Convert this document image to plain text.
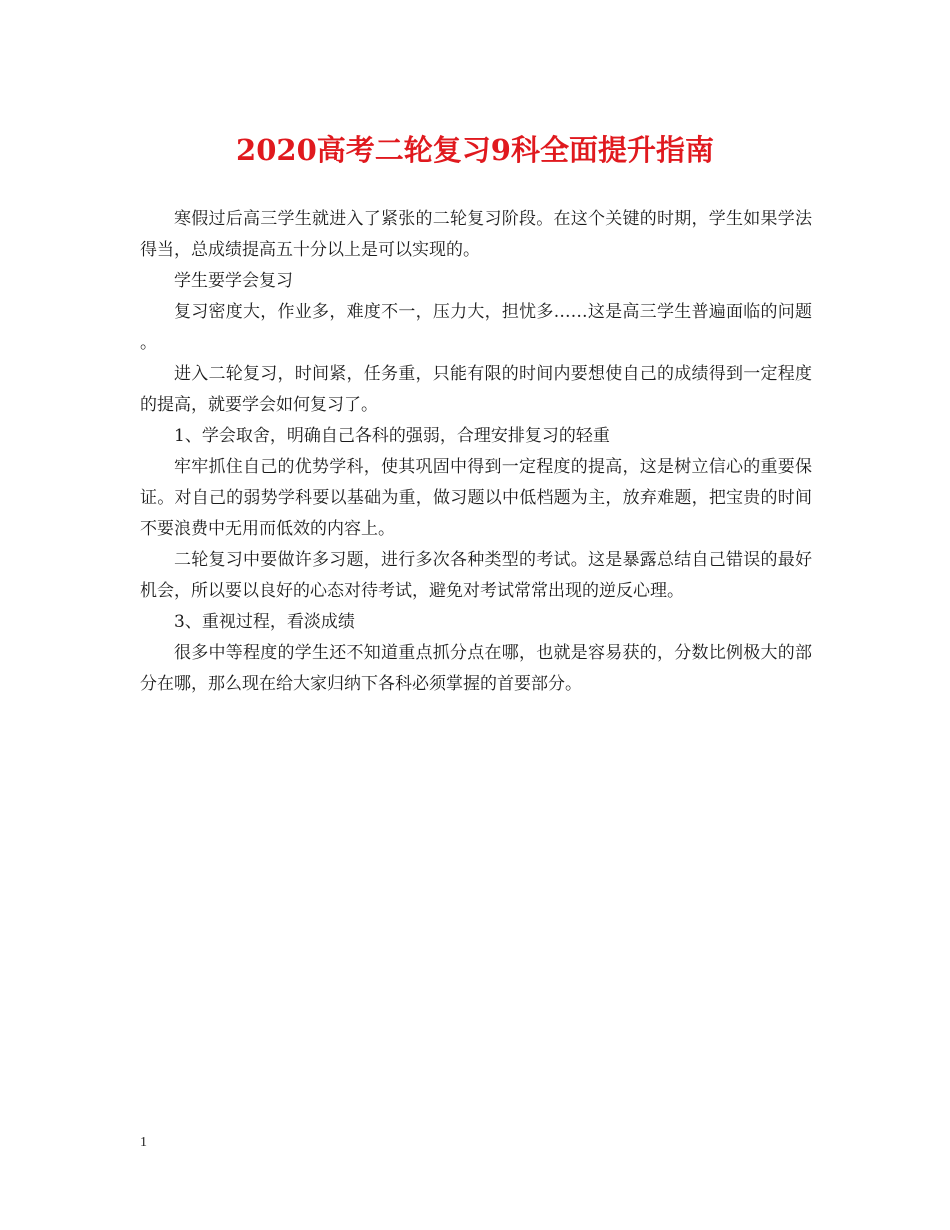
2020高考二轮复习9科全面提升指南

寒假过后高三学生就进入了紧张的二轮复习阶段。在这个关键的时期，学生如果学法得当，总成绩提高五十分以上是可以实现的。

学生要学会复习

复习密度大，作业多，难度不一，压力大，担忧多……这是高三学生普遍面临的问题。

进入二轮复习，时间紧，任务重，只能有限的时间内要想使自己的成绩得到一定程度的提高，就要学会如何复习了。

1、学会取舍，明确自己各科的强弱，合理安排复习的轻重

牢牢抓住自己的优势学科，使其巩固中得到一定程度的提高，这是树立信心的重要保证。对自己的弱势学科要以基础为重，做习题以中低档题为主，放弃难题，把宝贵的时间不要浪费中无用而低效的内容上。

二轮复习中要做许多习题，进行多次各种类型的考试。这是暴露总结自己错误的最好机会，所以要以良好的心态对待考试，避免对考试常常出现的逆反心理。

3、重视过程，看淡成绩

很多中等程度的学生还不知道重点抓分点在哪，也就是容易获的，分数比例极大的部分在哪，那么现在给大家归纳下各科必须掌握的首要部分。

1
